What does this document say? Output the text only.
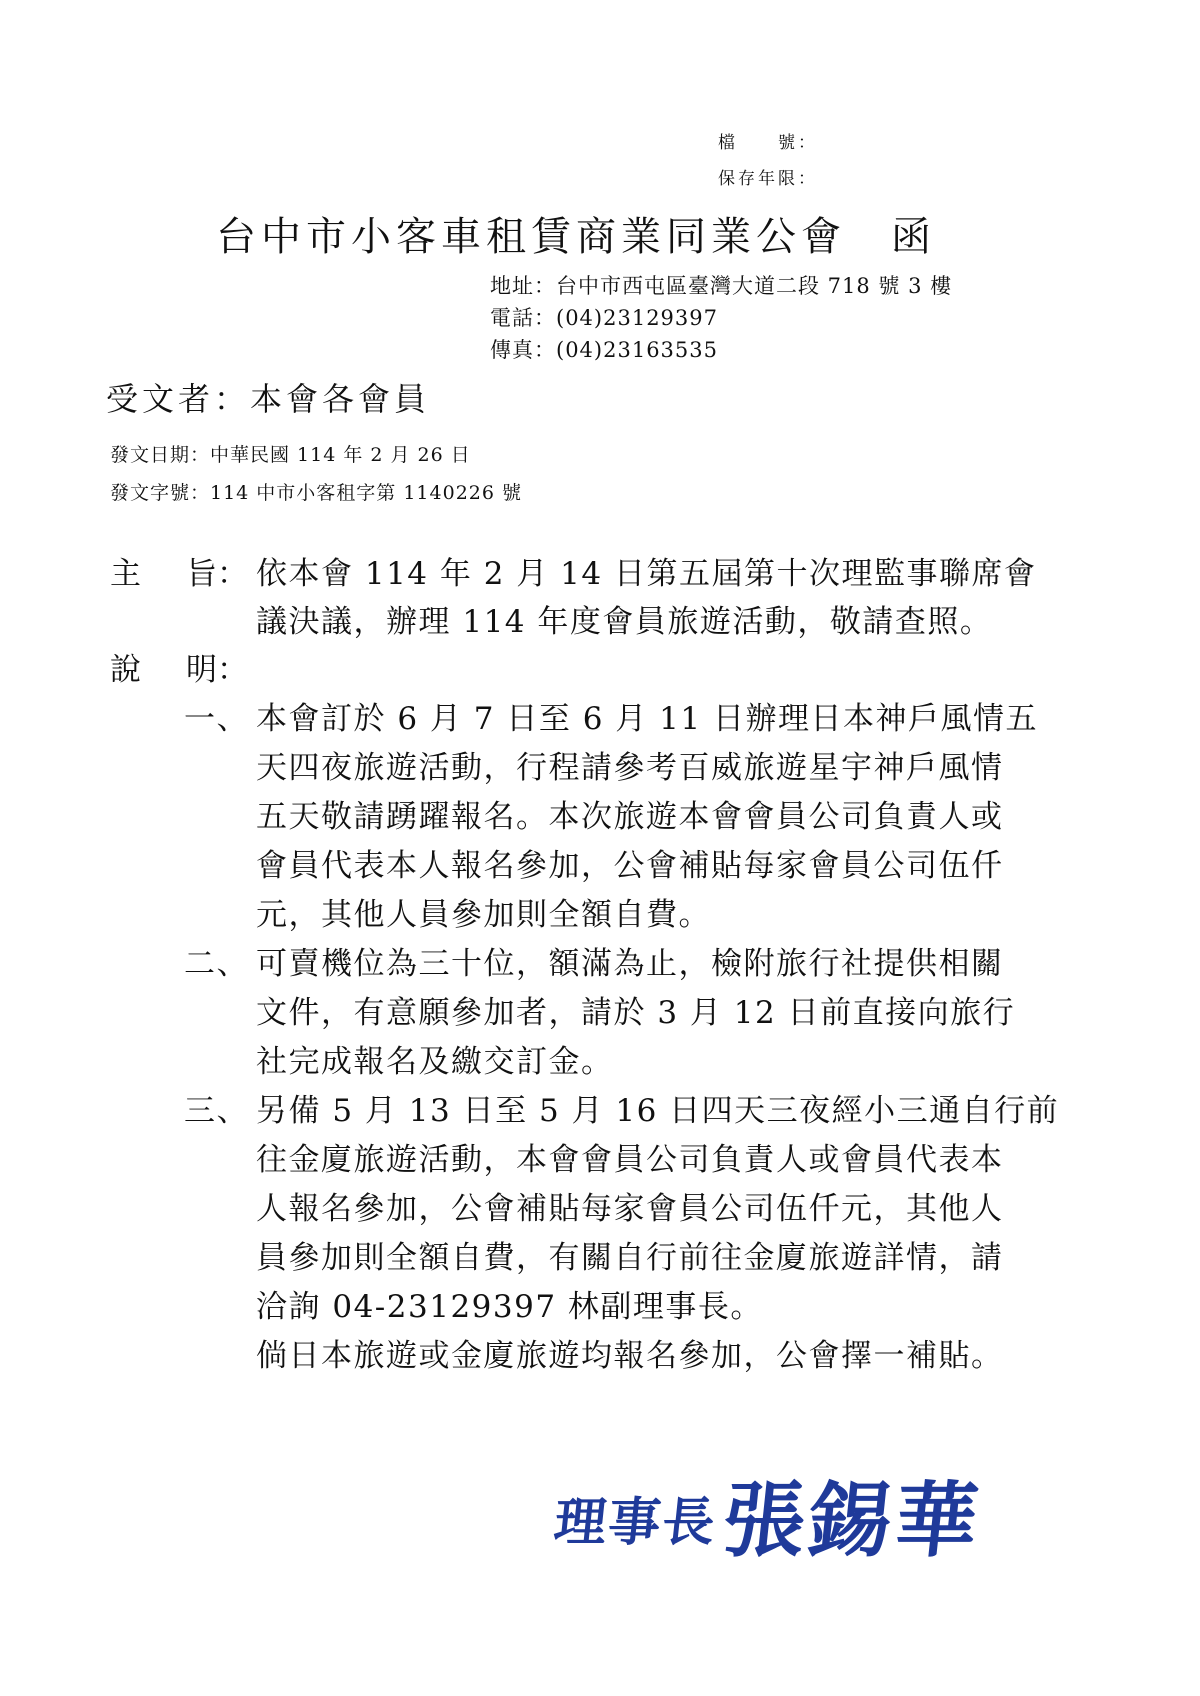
檔　　號：
保存年限：
台中市小客車租賃商業同業公會　函
地址：台中市西屯區臺灣大道二段 718 號 3 樓
電話：(04)23129397
傳真：(04)23163535
受文者：本會各會員
發文日期：中華民國 114 年 2 月 26 日
發文字號：114 中市小客租字第 1140226 號
主 旨： 依本會 114 年 2 月 14 日第五屆第十次理監事聯席會
議決議，辦理 114 年度會員旅遊活動，敬請查照。
說 明：
一、 本會訂於 6 月 7 日至 6 月 11 日辦理日本神戶風情五
天四夜旅遊活動，行程請參考百威旅遊星宇神戶風情
五天敬請踴躍報名。本次旅遊本會會員公司負責人或
會員代表本人報名參加，公會補貼每家會員公司伍仟
元，其他人員參加則全額自費。
二、 可賣機位為三十位，額滿為止，檢附旅行社提供相關
文件，有意願參加者，請於 3 月 12 日前直接向旅行
社完成報名及繳交訂金。
三、 另備 5 月 13 日至 5 月 16 日四天三夜經小三通自行前
往金廈旅遊活動，本會會員公司負責人或會員代表本
人報名參加，公會補貼每家會員公司伍仟元，其他人
員參加則全額自費，有關自行前往金廈旅遊詳情，請
洽詢 04-23129397 林副理事長。
倘日本旅遊或金廈旅遊均報名參加，公會擇一補貼。
理事長
張錫華
